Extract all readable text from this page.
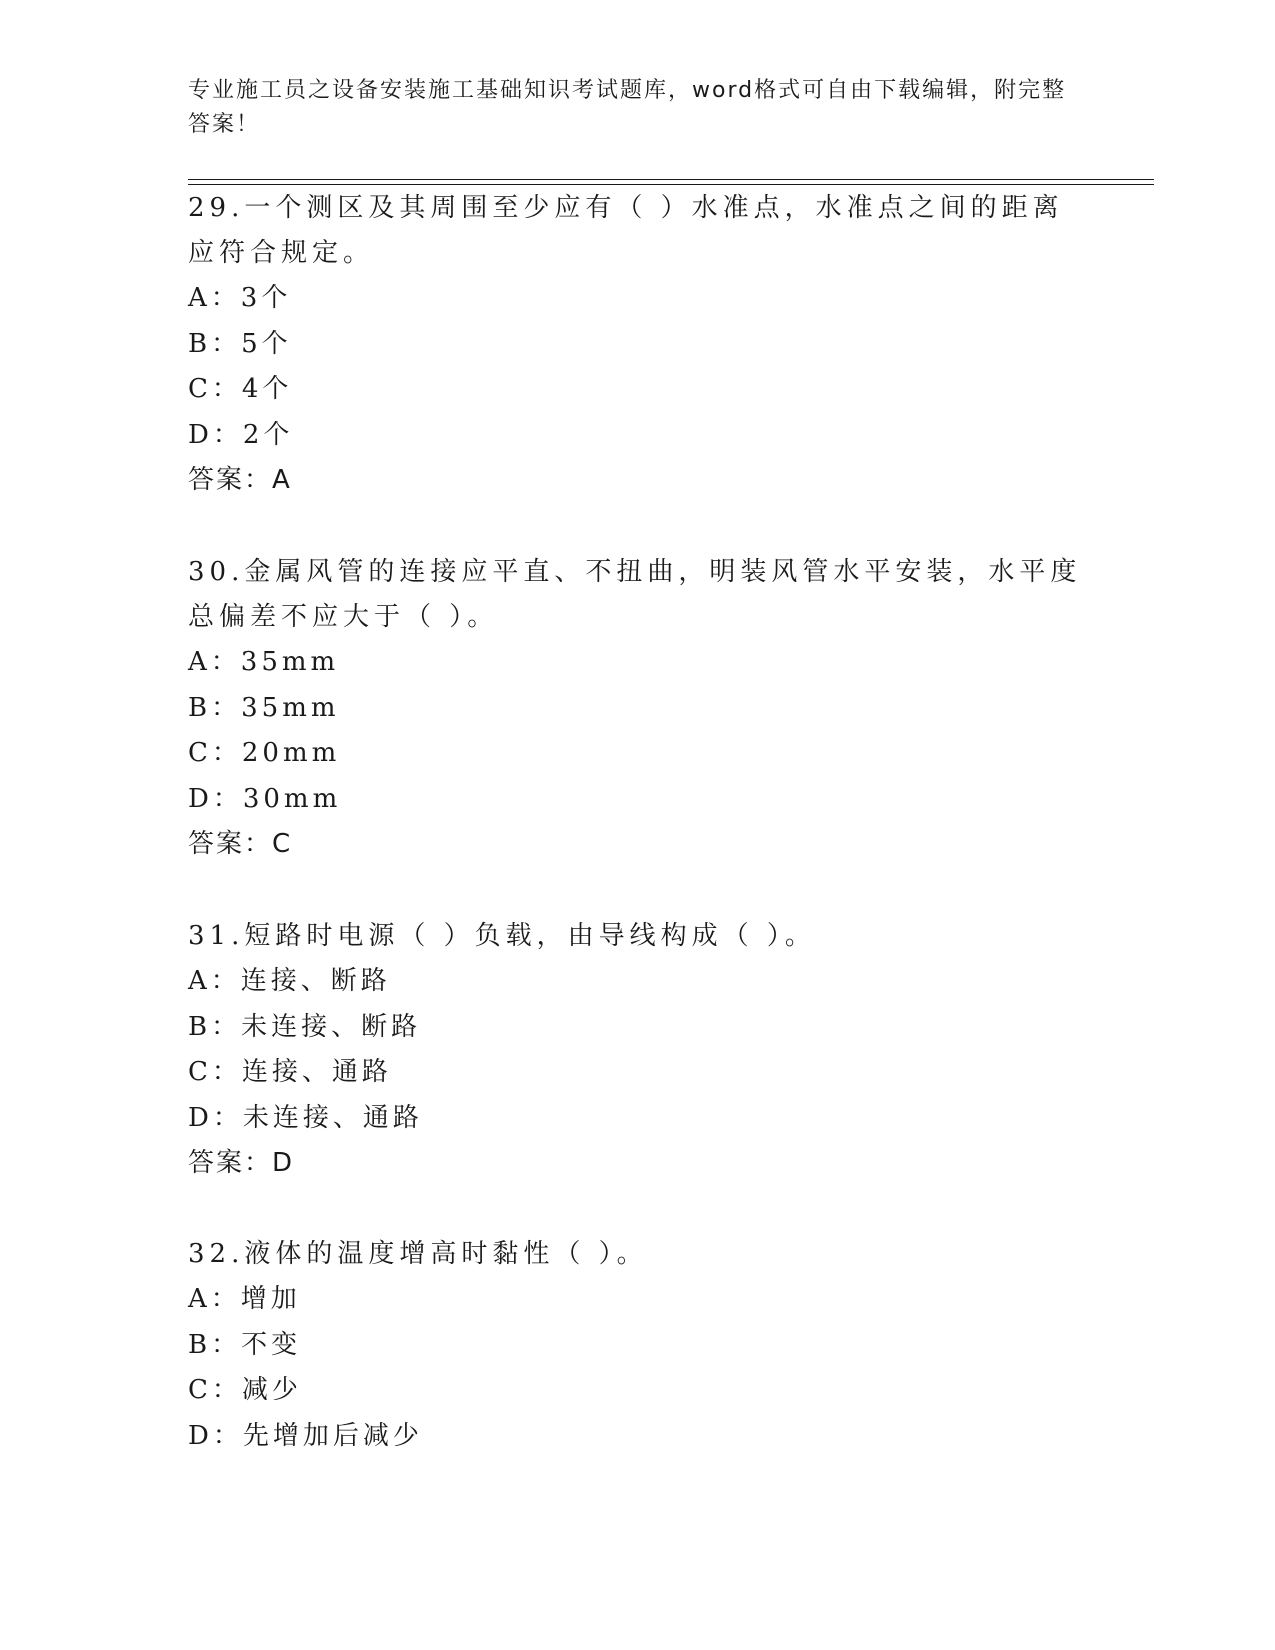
专业施工员之设备安装施工基础知识考试题库，word格式可自由下载编辑，附完整答案！

29.一个测区及其周围至少应有（ ）水准点，水准点之间的距离应符合规定。

A：3个

B：5个

C：4个

D：2个

答案：A

30.金属风管的连接应平直、不扭曲，明装风管水平安装，水平度总偏差不应大于（ ）。

A：35mm

B：35mm

C：20mm

D：30mm

答案：C

31.短路时电源（ ）负载，由导线构成（ ）。

A：连接、断路

B：未连接、断路

C：连接、通路

D：未连接、通路

答案：D

32.液体的温度增高时黏性（ ）。

A：增加

B：不变

C：减少

D：先增加后减少
